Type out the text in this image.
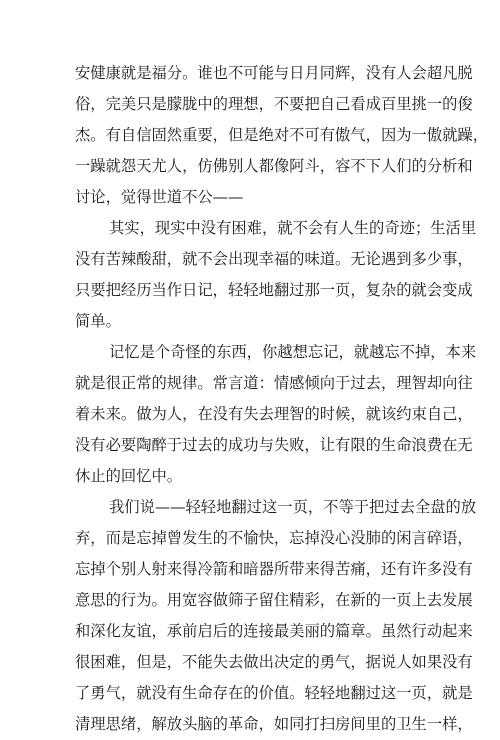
安健康就是福分。谁也不可能与日月同辉，没有人会超凡脱
俗，完美只是朦胧中的理想，不要把自己看成百里挑一的俊
杰。有自信固然重要，但是绝对不可有傲气，因为一傲就躁，
一躁就怨天尤人，仿佛别人都像阿斗，容不下人们的分析和
讨论，觉得世道不公——
其实，现实中没有困难，就不会有人生的奇迹；生活里
没有苦辣酸甜，就不会出现幸福的味道。无论遇到多少事，
只要把经历当作日记，轻轻地翻过那一页，复杂的就会变成
简单。
记忆是个奇怪的东西，你越想忘记，就越忘不掉，本来
就是很正常的规律。常言道：情感倾向于过去，理智却向往
着未来。做为人，在没有失去理智的时候，就该约束自己，
没有必要陶醉于过去的成功与失败，让有限的生命浪费在无
休止的回忆中。
我们说——轻轻地翻过这一页，不等于把过去全盘的放
弃，而是忘掉曾发生的不愉快，忘掉没心没肺的闲言碎语，
忘掉个别人射来得冷箭和暗器所带来得苦痛，还有许多没有
意思的行为。用宽容做筛子留住精彩，在新的一页上去发展
和深化友谊，承前启后的连接最美丽的篇章。虽然行动起来
很困难，但是，不能失去做出决定的勇气，据说人如果没有
了勇气，就没有生命存在的价值。轻轻地翻过这一页，就是
清理思绪，解放头脑的革命，如同打扫房间里的卫生一样，
